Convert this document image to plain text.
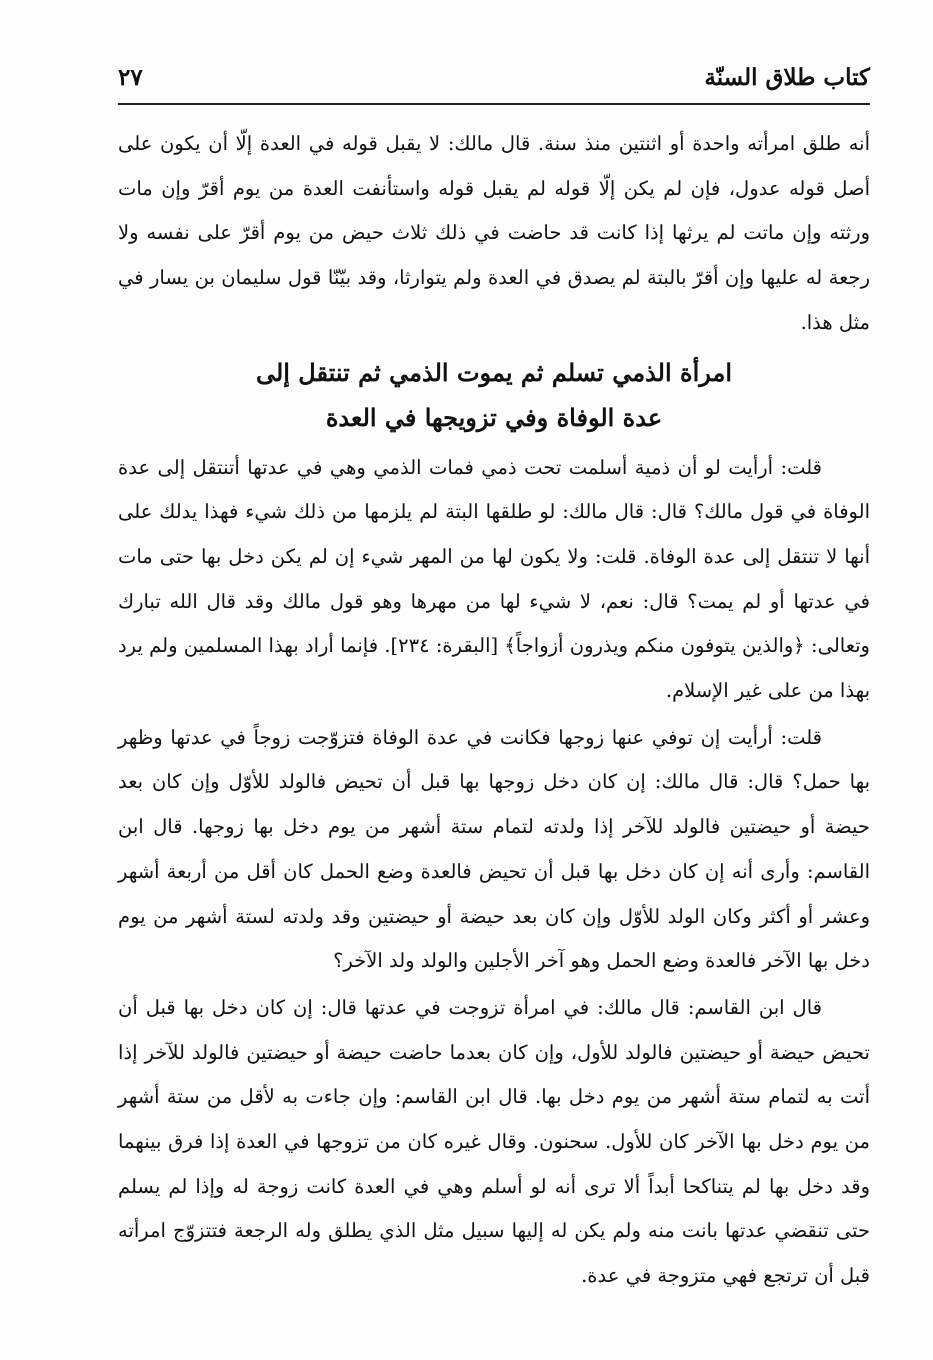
كتاب طلاق السنّة
٢٧

أنه طلق امرأته واحدة أو اثنتين منذ سنة. قال مالك: لا يقبل قوله في العدة إلّا أن يكون على أصل قوله عدول، فإن لم يكن إلّا قوله لم يقبل قوله واستأنفت العدة من يوم أقرّ وإن مات ورثته وإن ماتت لم يرثها إذا كانت قد حاضت في ذلك ثلاث حيض من يوم أقرّ على نفسه ولا رجعة له عليها وإن أقرّ بالبتة لم يصدق في العدة ولم يتوارثا، وقد بيّنّا قول سليمان بن يسار في مثل هذا.

امرأة الذمي تسلم ثم يموت الذمي ثم تنتقل إلى
عدة الوفاة وفي تزويجها في العدة

قلت: أرأيت لو أن ذمية أسلمت تحت ذمي فمات الذمي وهي في عدتها أتنتقل إلى عدة الوفاة في قول مالك؟ قال: قال مالك: لو طلقها البتة لم يلزمها من ذلك شيء فهذا يدلك على أنها لا تنتقل إلى عدة الوفاة. قلت: ولا يكون لها من المهر شيء إن لم يكن دخل بها حتى مات في عدتها أو لم يمت؟ قال: نعم، لا شيء لها من مهرها وهو قول مالك وقد قال الله تبارك وتعالى: ﴿والذين يتوفون منكم ويذرون أزواجاً﴾ [البقرة: ٢٣٤]. فإنما أراد بهذا المسلمين ولم يرد بهذا من على غير الإسلام.

قلت: أرأيت إن توفي عنها زوجها فكانت في عدة الوفاة فتزوّجت زوجاً في عدتها وظهر بها حمل؟ قال: قال مالك: إن كان دخل زوجها بها قبل أن تحيض فالولد للأوّل وإن كان بعد حيضة أو حيضتين فالولد للآخر إذا ولدته لتمام ستة أشهر من يوم دخل بها زوجها. قال ابن القاسم: وأرى أنه إن كان دخل بها قبل أن تحيض فالعدة وضع الحمل كان أقل من أربعة أشهر وعشر أو أكثر وكان الولد للأوّل وإن كان بعد حيضة أو حيضتين وقد ولدته لستة أشهر من يوم دخل بها الآخر فالعدة وضع الحمل وهو آخر الأجلين والولد ولد الآخر؟

قال ابن القاسم: قال مالك: في امرأة تزوجت في عدتها قال: إن كان دخل بها قبل أن تحيض حيضة أو حيضتين فالولد للأول، وإن كان بعدما حاضت حيضة أو حيضتين فالولد للآخر إذا أتت به لتمام ستة أشهر من يوم دخل بها. قال ابن القاسم: وإن جاءت به لأقل من ستة أشهر من يوم دخل بها الآخر كان للأول. سحنون. وقال غيره كان من تزوجها في العدة إذا فرق بينهما وقد دخل بها لم يتناكحا أبداً ألا ترى أنه لو أسلم وهي في العدة كانت زوجة له وإذا لم يسلم حتى تنقضي عدتها بانت منه ولم يكن له إليها سبيل مثل الذي يطلق وله الرجعة فتتزوّج امرأته قبل أن ترتجع فهي متزوجة في عدة.
